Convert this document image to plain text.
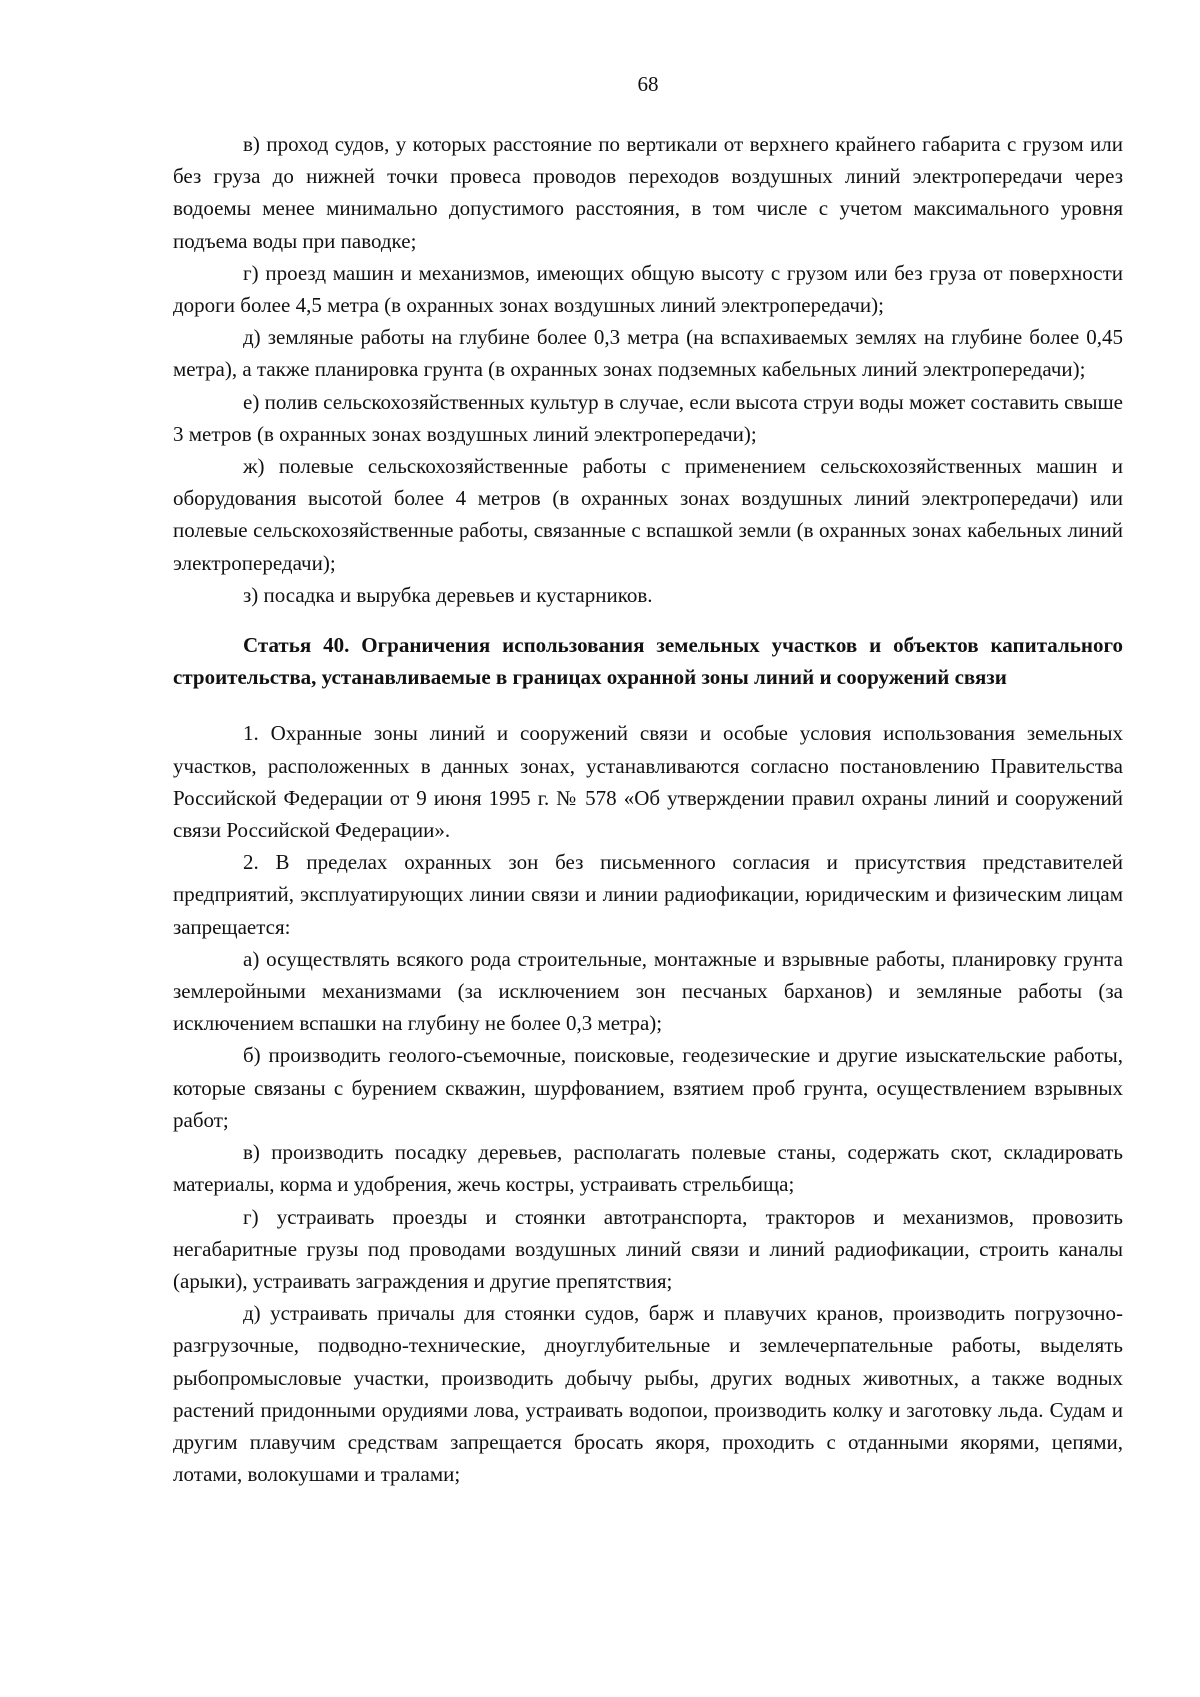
68

в) проход судов, у которых расстояние по вертикали от верхнего крайнего габарита с грузом или без груза до нижней точки провеса проводов переходов воздушных линий электропередачи через водоемы менее минимально допустимого расстояния, в том числе с учетом максимального уровня подъема воды при паводке;

г) проезд машин и механизмов, имеющих общую высоту с грузом или без груза от поверхности дороги более 4,5 метра (в охранных зонах воздушных линий электропередачи);

д) земляные работы на глубине более 0,3 метра (на вспахиваемых землях на глубине более 0,45 метра), а также планировка грунта (в охранных зонах подземных кабельных линий электропередачи);

е) полив сельскохозяйственных культур в случае, если высота струи воды может составить свыше 3 метров (в охранных зонах воздушных линий электропередачи);

ж) полевые сельскохозяйственные работы с применением сельскохозяйственных машин и оборудования высотой более 4 метров (в охранных зонах воздушных линий электропередачи) или полевые сельскохозяйственные работы, связанные с вспашкой земли (в охранных зонах кабельных линий электропередачи);

з) посадка и вырубка деревьев и кустарников.

Статья 40. Ограничения использования земельных участков и объектов капитального строительства, устанавливаемые в границах охранной зоны линий и сооружений связи

1. Охранные зоны линий и сооружений связи и особые условия использования земельных участков, расположенных в данных зонах, устанавливаются согласно постановлению Правительства Российской Федерации от 9 июня 1995 г. № 578 «Об утверждении правил охраны линий и сооружений связи Российской Федерации».

2. В пределах охранных зон без письменного согласия и присутствия представителей предприятий, эксплуатирующих линии связи и линии радиофикации, юридическим и физическим лицам запрещается:

а) осуществлять всякого рода строительные, монтажные и взрывные работы, планировку грунта землеройными механизмами (за исключением зон песчаных барханов) и земляные работы (за исключением вспашки на глубину не более 0,3 метра);

б) производить геолого-съемочные, поисковые, геодезические и другие изыскательские работы, которые связаны с бурением скважин, шурфованием, взятием проб грунта, осуществлением взрывных работ;

в) производить посадку деревьев, располагать полевые станы, содержать скот, складировать материалы, корма и удобрения, жечь костры, устраивать стрельбища;

г) устраивать проезды и стоянки автотранспорта, тракторов и механизмов, провозить негабаритные грузы под проводами воздушных линий связи и линий радиофикации, строить каналы (арыки), устраивать заграждения и другие препятствия;

д) устраивать причалы для стоянки судов, барж и плавучих кранов, производить погрузочно-разгрузочные, подводно-технические, дноуглубительные и землечерпательные работы, выделять рыбопромысловые участки, производить добычу рыбы, других водных животных, а также водных растений придонными орудиями лова, устраивать водопои, производить колку и заготовку льда. Судам и другим плавучим средствам запрещается бросать якоря, проходить с отданными якорями, цепями, лотами, волокушами и тралами;
